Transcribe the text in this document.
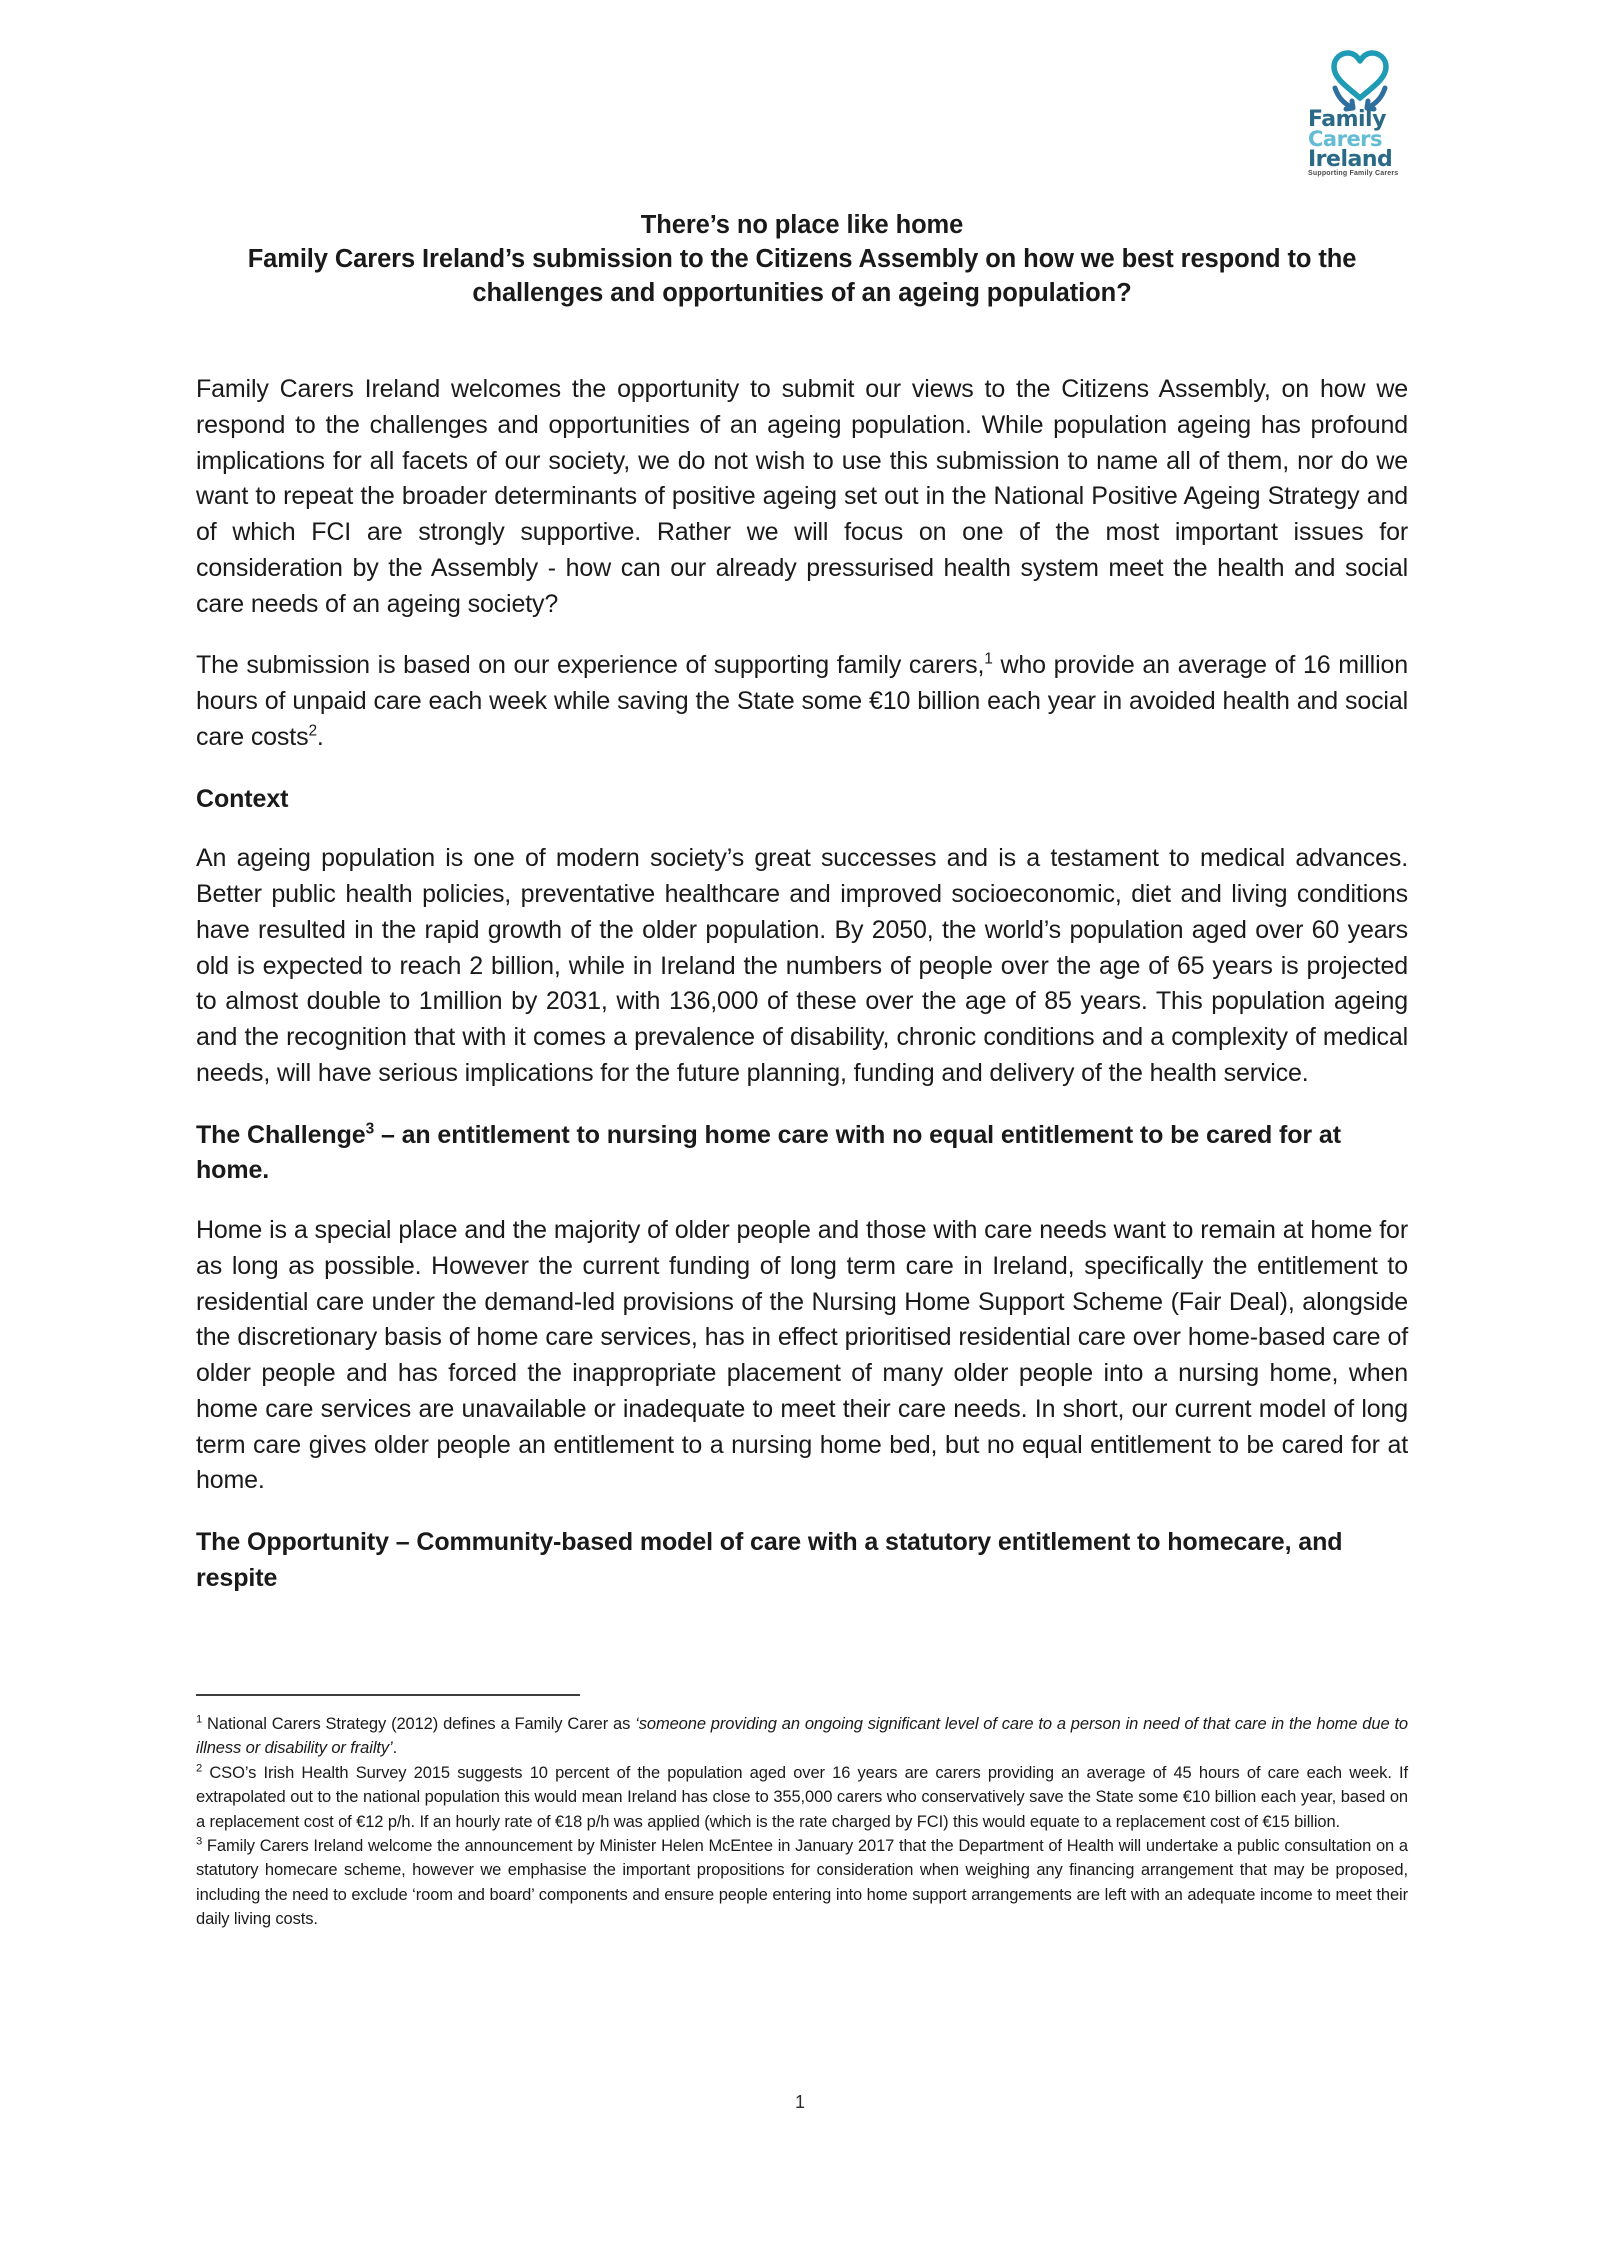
Family
Carers
Ireland
Supporting Family Carers
There’s no place like home
Family Carers Ireland’s submission to the Citizens Assembly on how we best respond to the
challenges and opportunities of an ageing population?

Family Carers Ireland welcomes the opportunity to submit our views to the Citizens Assembly, on how we respond to the challenges and opportunities of an ageing population. While population ageing has profound implications for all facets of our society, we do not wish to use this submission to name all of them, nor do we want to repeat the broader determinants of positive ageing set out in the National Positive Ageing Strategy and of which FCI are strongly supportive. Rather we will focus on one of the most important issues for consideration by the Assembly - how can our already pressurised health system meet the health and social care needs of an ageing society?

The submission is based on our experience of supporting family carers,$^1$ who provide an average of 16 million hours of unpaid care each week while saving the State some €10 billion each year in avoided health and social care costs$^2$.

Context

An ageing population is one of modern society’s great successes and is a testament to medical advances. Better public health policies, preventative healthcare and improved socioeconomic, diet and living conditions have resulted in the rapid growth of the older population. By 2050, the world’s population aged over 60 years old is expected to reach 2 billion, while in Ireland the numbers of people over the age of 65 years is projected to almost double to 1million by 2031, with 136,000 of these over the age of 85 years. This population ageing and the recognition that with it comes a prevalence of disability, chronic conditions and a complexity of medical needs, will have serious implications for the future planning, funding and delivery of the health service.

The Challenge$^3$ – an entitlement to nursing home care with no equal entitlement to be cared for at home.

Home is a special place and the majority of older people and those with care needs want to remain at home for as long as possible. However the current funding of long term care in Ireland, specifically the entitlement to residential care under the demand-led provisions of the Nursing Home Support Scheme (Fair Deal), alongside the discretionary basis of home care services, has in effect prioritised residential care over home-based care of older people and has forced the inappropriate placement of many older people into a nursing home, when home care services are unavailable or inadequate to meet their care needs. In short, our current model of long term care gives older people an entitlement to a nursing home bed, but no equal entitlement to be cared for at home.

The Opportunity – Community-based model of care with a statutory entitlement to homecare, and respite

$^1$ National Carers Strategy (2012) defines a Family Carer as ‘someone providing an ongoing significant level of care to a person in need of that care in the home due to illness or disability or frailty’.

$^2$ CSO’s Irish Health Survey 2015 suggests 10 percent of the population aged over 16 years are carers providing an average of 45 hours of care each week. If extrapolated out to the national population this would mean Ireland has close to 355,000 carers who conservatively save the State some €10 billion each year, based on a replacement cost of €12 p/h. If an hourly rate of €18 p/h was applied (which is the rate charged by FCI) this would equate to a replacement cost of €15 billion.

$^3$ Family Carers Ireland welcome the announcement by Minister Helen McEntee in January 2017 that the Department of Health will undertake a public consultation on a statutory homecare scheme, however we emphasise the important propositions for consideration when weighing any financing arrangement that may be proposed, including the need to exclude ‘room and board’ components and ensure people entering into home support arrangements are left with an adequate income to meet their daily living costs.

1
